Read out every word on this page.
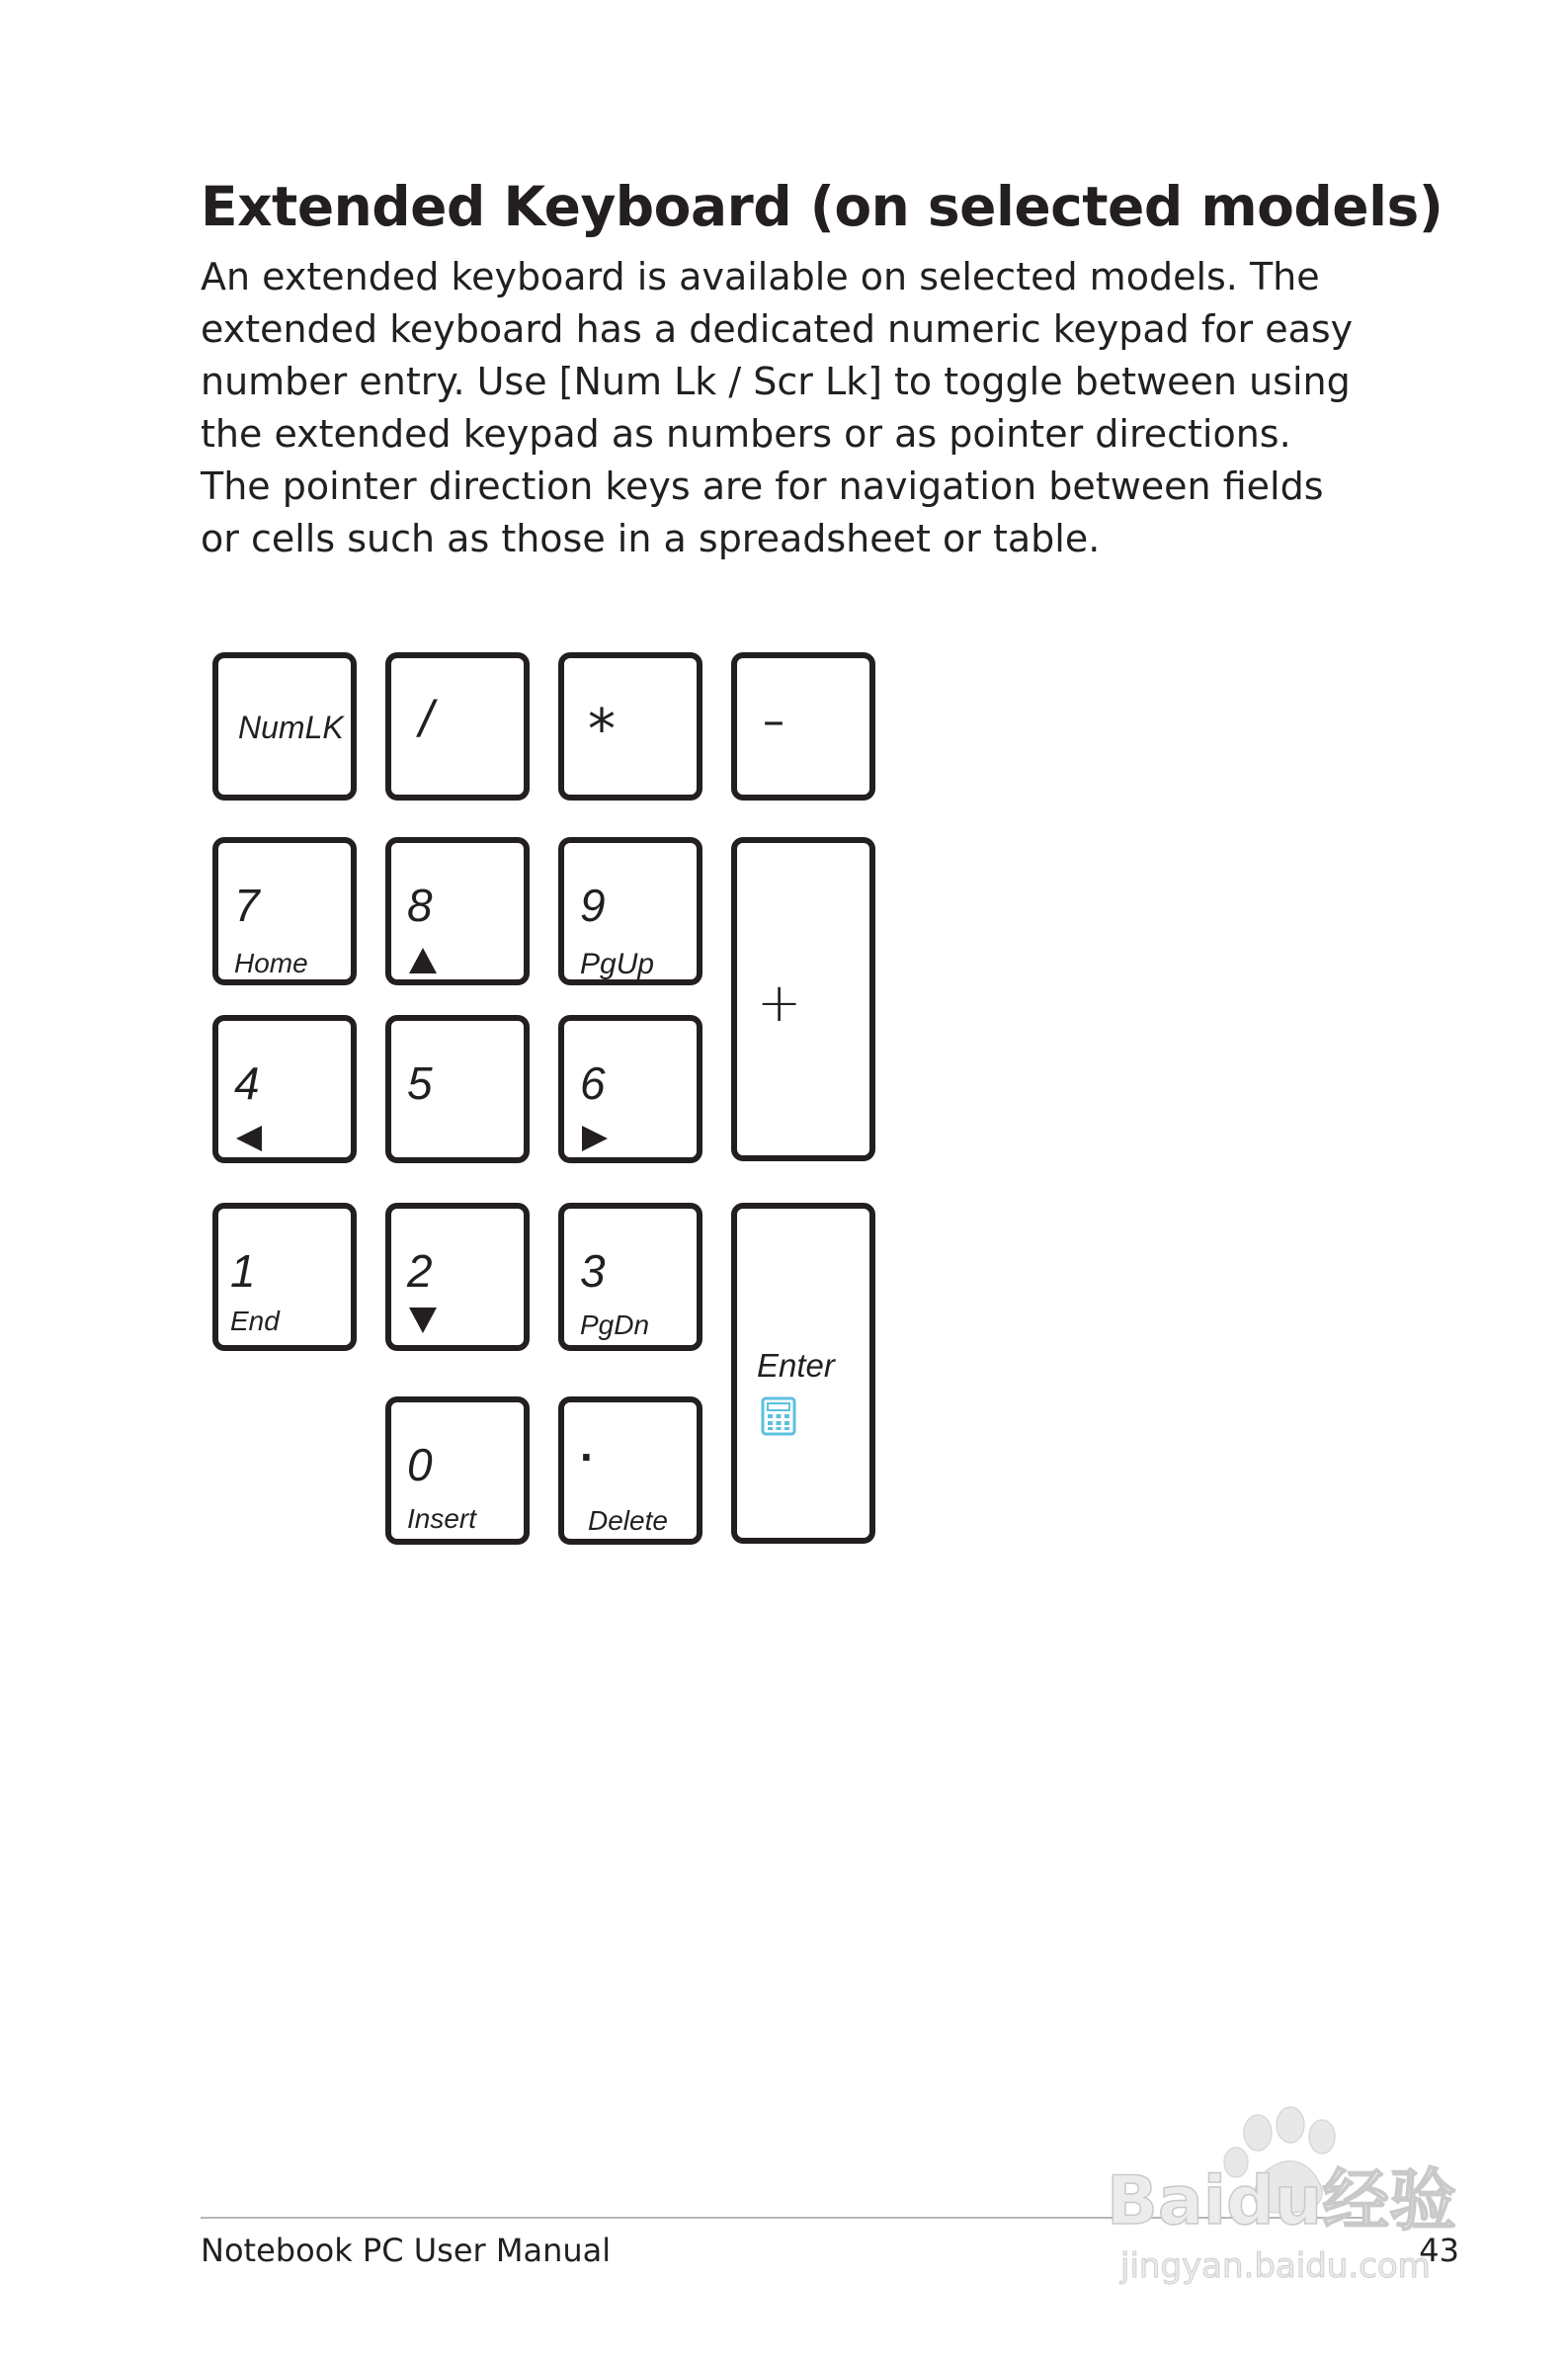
Extended Keyboard (on selected models)
An extended keyboard is available on selected models. The extended keyboard has a dedicated numeric keypad for easy number entry. Use [Num Lk / Scr Lk] to toggle between using the extended keypad as numbers or as pointer directions. The pointer direction keys are for navigation between fields or cells such as those in a spreadsheet or table.
NumLK /	*	–
7
Home
8	9
PgUp
+
4	5	6
1
End
2	3
PgDn
Enter
0
Insert
.
Delete
Notebook PC User Manual	43
Baidu经验
jingyan.baidu.com
